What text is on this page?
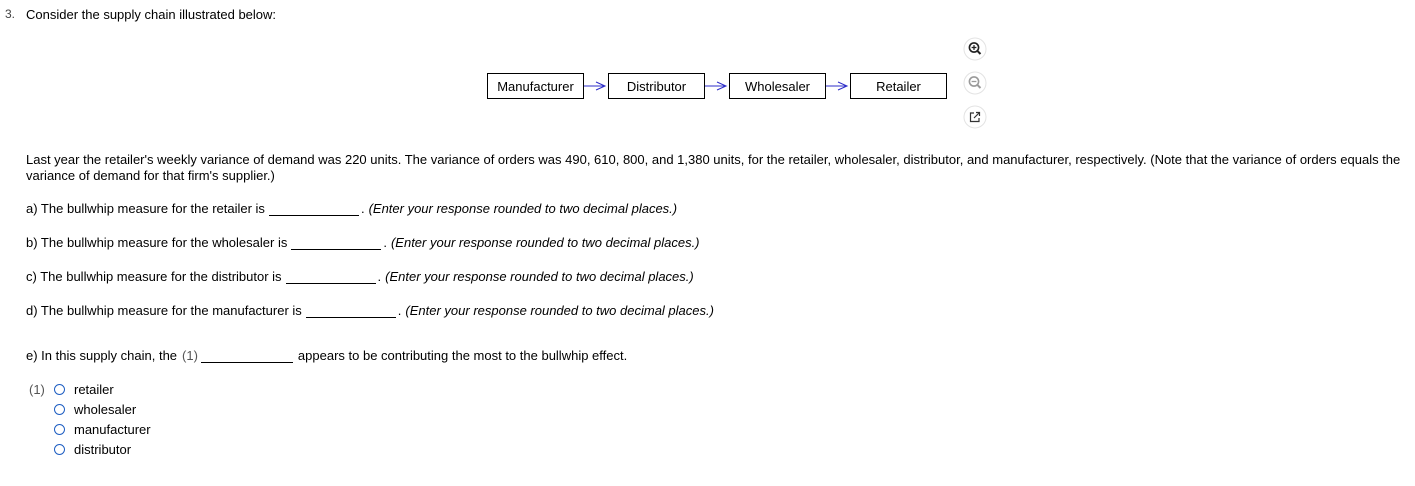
3. Consider the supply chain illustrated below:
Manufacturer	Distributor	Wholesaler	Retailer
Last year the retailer's weekly variance of demand was 220 units. The variance of orders was 490, 610, 800, and 1,380 units, for the retailer, wholesaler, distributor, and manufacturer, respectively. (Note that the variance of orders equals the variance of demand for that firm's supplier.)
a) The bullwhip measure for the retailer is	. (Enter your response rounded to two decimal places.)
b) The bullwhip measure for the wholesaler is	. (Enter your response rounded to two decimal places.)
c) The bullwhip measure for the distributor is	. (Enter your response rounded to two decimal places.)
d) The bullwhip measure for the manufacturer is	. (Enter your response rounded to two decimal places.)
e) In this supply chain, the (1)	appears to be contributing the most to the bullwhip effect.
(1) retailer
wholesaler
manufacturer
distributor
